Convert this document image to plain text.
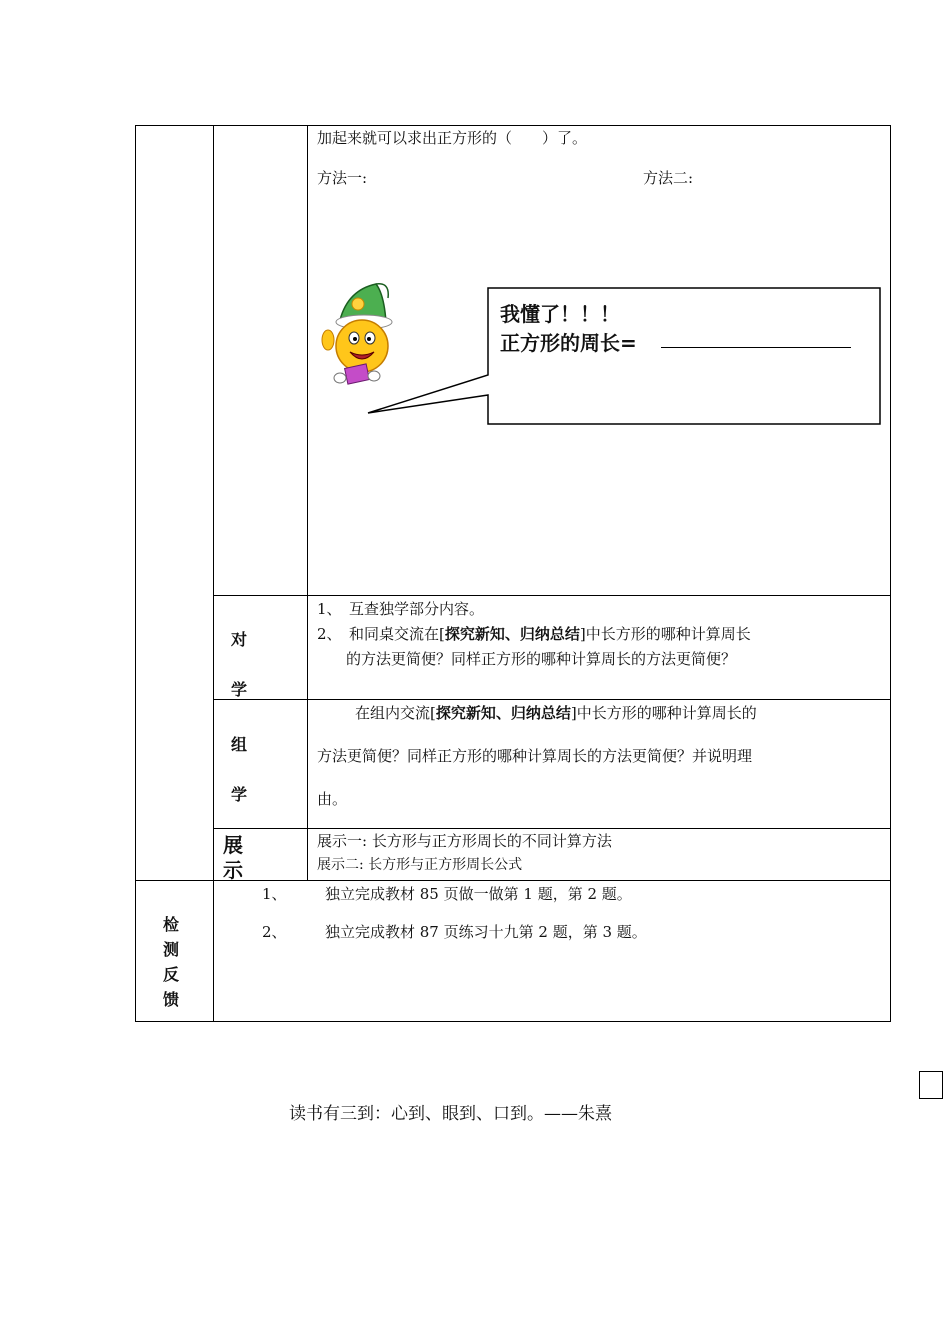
加起来就可以求出正方形的（　　）了。
方法一:	方法二:
我懂了！！！
正方形的周长=
对
学
1、　互查独学部分内容。
2、　和同桌交流在[探究新知、归纳总结]中长方形的哪种计算周长
的方法更简便？同样正方形的哪种计算周长的方法更简便？
组
学
在组内交流[探究新知、归纳总结]中长方形的哪种计算周长的
方法更简便？同样正方形的哪种计算周长的方法更简便？并说明理
由。
展
示
展示一: 长方形与正方形周长的不同计算方法
展示二: 长方形与正方形周长公式
检
测
反
馈
1、	独立完成教材 85 页做一做第 1 题，第 2 题。
2、	独立完成教材 87 页练习十九第 2 题，第 3 题。
读书有三到：心到、眼到、口到。——朱熹
